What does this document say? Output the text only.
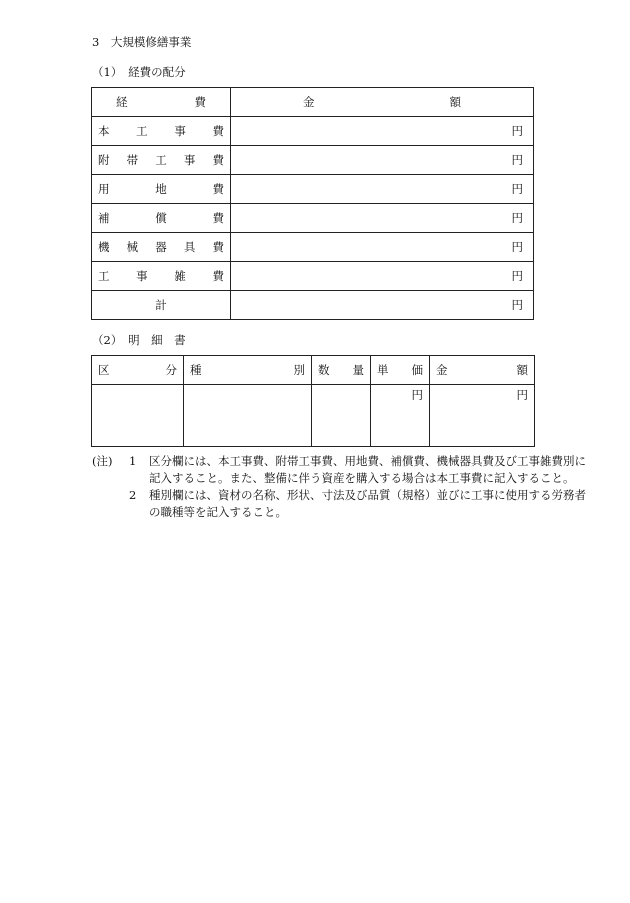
3　大規模修繕事業
（1）　経費の配分
経費	金額

本工事費	円

附帯工事費	円

用地費	円

補償費	円

機械器具費	円

工事雑費	円

計	円
（2）　明　細　書
区分	種別	数量	単価	金額

			円	円
(注) 1 区分欄には、本工事費、附帯工事費、用地費、補償費、機械器具費及び工事雑費別に記入すること。また、整備に伴う資産を購入する場合は本工事費に記入すること。
2 種別欄には、資材の名称、形状、寸法及び品質（規格）並びに工事に使用する労務者の職種等を記入すること。
